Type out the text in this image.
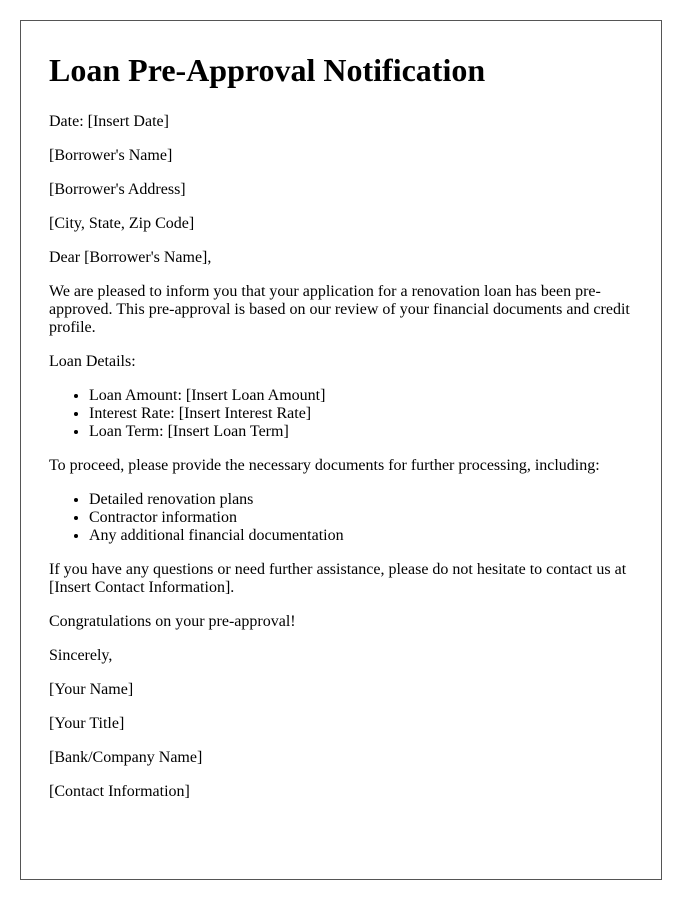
Loan Pre-Approval Notification

Date: [Insert Date]

[Borrower's Name]

[Borrower's Address]

[City, State, Zip Code]

Dear [Borrower's Name],

We are pleased to inform you that your application for a renovation loan has been pre-approved. This pre-approval is based on our review of your financial documents and credit profile.

Loan Details:

• Loan Amount: [Insert Loan Amount]
• Interest Rate: [Insert Interest Rate]
• Loan Term: [Insert Loan Term]

To proceed, please provide the necessary documents for further processing, including:

• Detailed renovation plans
• Contractor information
• Any additional financial documentation

If you have any questions or need further assistance, please do not hesitate to contact us at [Insert Contact Information].

Congratulations on your pre-approval!

Sincerely,

[Your Name]

[Your Title]

[Bank/Company Name]

[Contact Information]
